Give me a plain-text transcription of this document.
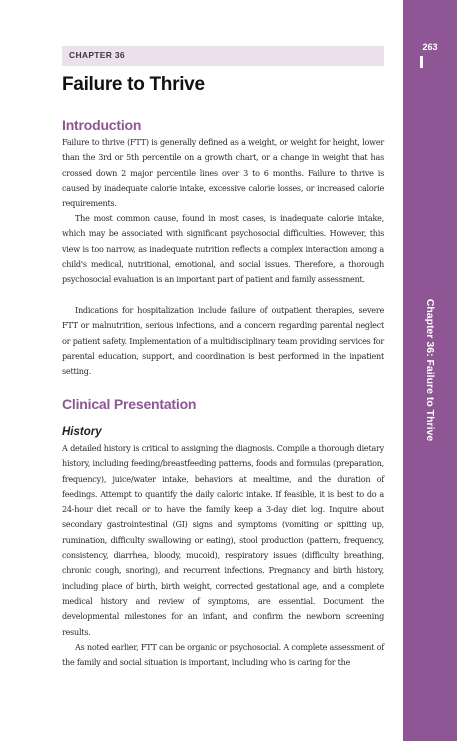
263
Chapter 36: Failure to Thrive
CHAPTER 36
Failure to Thrive
Introduction

Failure to thrive (FTT) is generally defined as a weight, or weight for height, lower than the 3rd or 5th percentile on a growth chart, or a change in weight that has crossed down 2 major percentile lines over 3 to 6 months. Failure to thrive is caused by inadequate calorie intake, excessive calorie losses, or increased calorie requirements.

The most common cause, found in most cases, is inadequate calorie intake, which may be associated with significant psychosocial difficulties. However, this view is too narrow, as inadequate nutrition reflects a complex interaction among a child's medical, nutritional, emotional, and social issues. Therefore, a thorough psychosocial evaluation is an important part of patient and family assessment.

Indications for hospitalization include failure of outpatient therapies, severe FTT or malnutrition, serious infections, and a concern regarding parental neglect or patient safety. Implementation of a multidisciplinary team providing services for parental education, support, and coordination is best performed in the inpatient setting.

Clinical Presentation
History

A detailed history is critical to assigning the diagnosis. Compile a thorough dietary history, including feeding/breastfeeding patterns, foods and formulas (preparation, frequency), juice/water intake, behaviors at mealtime, and the duration of feedings. Attempt to quantify the daily caloric intake. If feasible, it is best to do a 24-hour diet recall or to have the family keep a 3-day diet log. Inquire about secondary gastrointestinal (GI) signs and symptoms (vomiting or spitting up, rumination, difficulty swallowing or eating), stool production (pattern, frequency, consistency, diarrhea, bloody, mucoid), respiratory issues (difficulty breathing, chronic cough, snoring), and recurrent infections. Pregnancy and birth history, including place of birth, birth weight, corrected gestational age, and a complete medical history and review of symptoms, are essential. Document the developmental milestones for an infant, and confirm the newborn screening results.

As noted earlier, FTT can be organic or psychosocial. A complete assessment of the family and social situation is important, including who is caring for the
